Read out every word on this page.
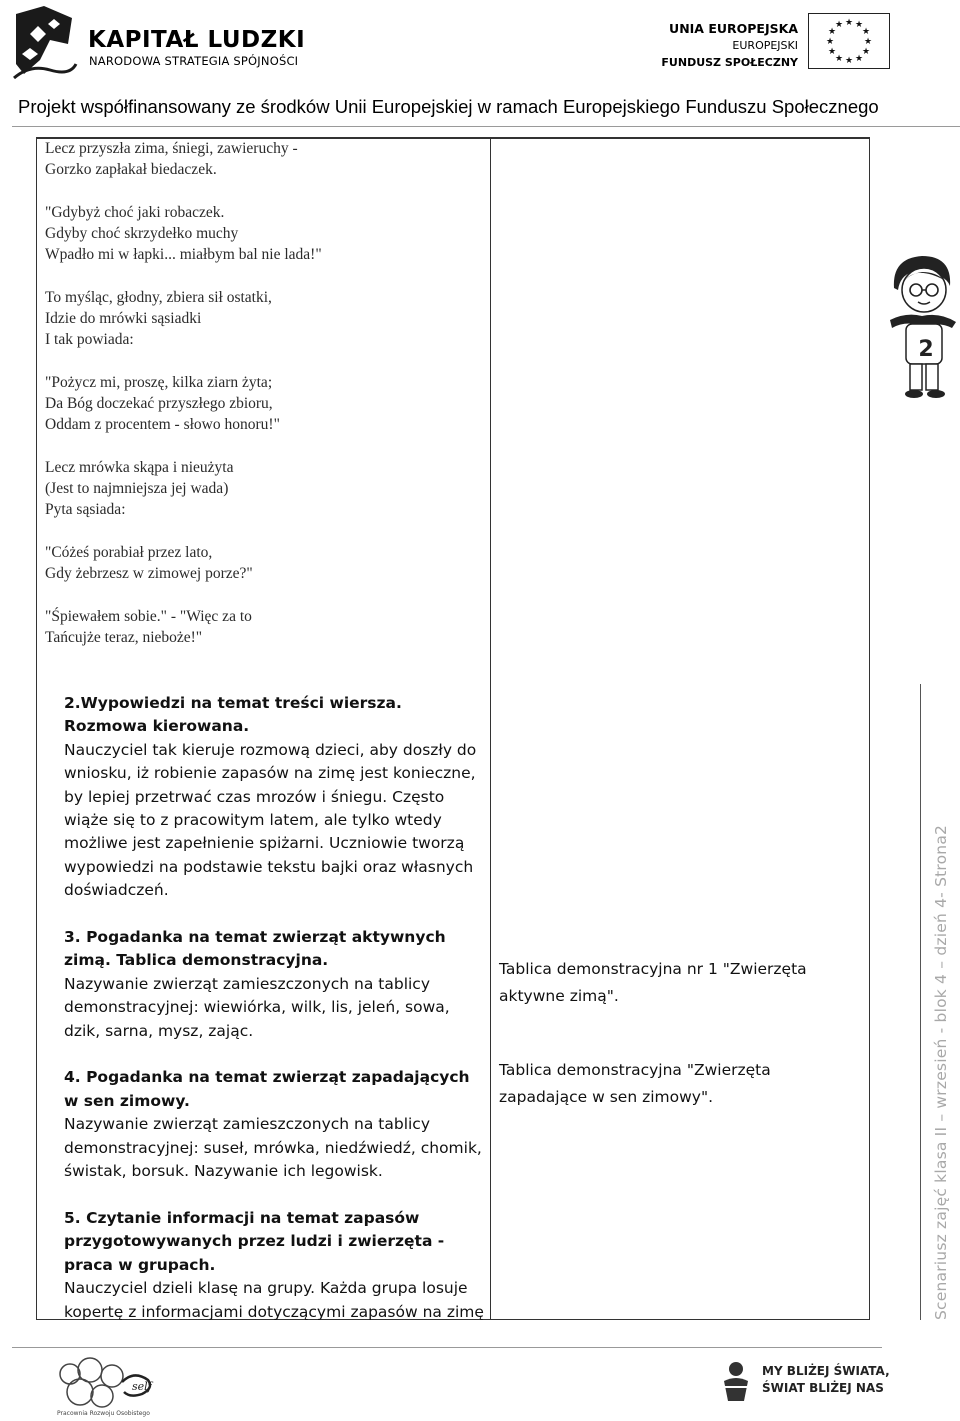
KAPITAŁ LUDZKI
NARODOWA STRATEGIA SPÓJNOŚCI
UNIA EUROPEJSKA
EUROPEJSKI
FUNDUSZ SPOŁECZNY
★ ★
★
★
★
★
★
★
★
★
★
★
Projekt współfinansowany ze środków Unii Europejskiej w ramach Europejskiego Funduszu Społecznego
Lecz przyszła zima, śniegi, zawieruchy -
Gorzko zapłakał biedaczek.
"Gdybyż choć jaki robaczek.
Gdyby choć skrzydełko muchy
Wpadło mi w łapki... miałbym bal nie lada!"
To myśląc, głodny, zbiera sił ostatki,
Idzie do mrówki sąsiadki
I tak powiada:
"Pożycz mi, proszę, kilka ziarn żyta;
Da Bóg doczekać przyszłego zbioru,
Oddam z procentem - słowo honoru!"
Lecz mrówka skąpa i nieużyta
(Jest to najmniejsza jej wada)
Pyta sąsiada:
"Cóżeś porabiał przez lato,
Gdy żebrzesz w zimowej porze?"
"Śpiewałem sobie." - "Więc za to
Tańcujże teraz, nieboże!"
2.Wypowiedzi na temat treści wiersza. Rozmowa kierowana.
Nauczyciel tak kieruje rozmową dzieci, aby doszły do wniosku, iż robienie zapasów na zimę jest konieczne, by lepiej przetrwać czas mrozów i śniegu. Często wiąże się to z pracowitym latem, ale tylko wtedy możliwe jest zapełnienie spiżarni. Uczniowie tworzą wypowiedzi na podstawie tekstu bajki oraz własnych doświadczeń.
3. Pogadanka na temat zwierząt aktywnych zimą. Tablica demonstracyjna.
Nazywanie zwierząt zamieszczonych na tablicy demonstracyjnej: wiewiórka, wilk, lis, jeleń, sowa, dzik, sarna, mysz, zając.
4. Pogadanka na temat zwierząt zapadających w sen zimowy.
Nazywanie zwierząt zamieszczonych na tablicy demonstracyjnej: suseł, mrówka, niedźwiedź, chomik, świstak, borsuk. Nazywanie ich legowisk.
5. Czytanie informacji na temat zapasów przygotowywanych przez ludzi i zwierzęta - praca w grupach.
Nauczyciel dzieli klasę na grupy. Każda grupa losuje kopertę z informacjami dotyczącymi zapasów na zimę
Tablica demonstracyjna nr 1 "Zwierzęta aktywne zimą".
Tablica demonstracyjna "Zwierzęta zapadające w sen zimowy".
2
Scenariusz zajęć klasa II – wrzesień - blok 4 – dzień 4- Strona2
self
Pracownia Rozwoju Osobistego
MY BLIŻEJ ŚWIATA,
ŚWIAT BLIŻEJ NAS
